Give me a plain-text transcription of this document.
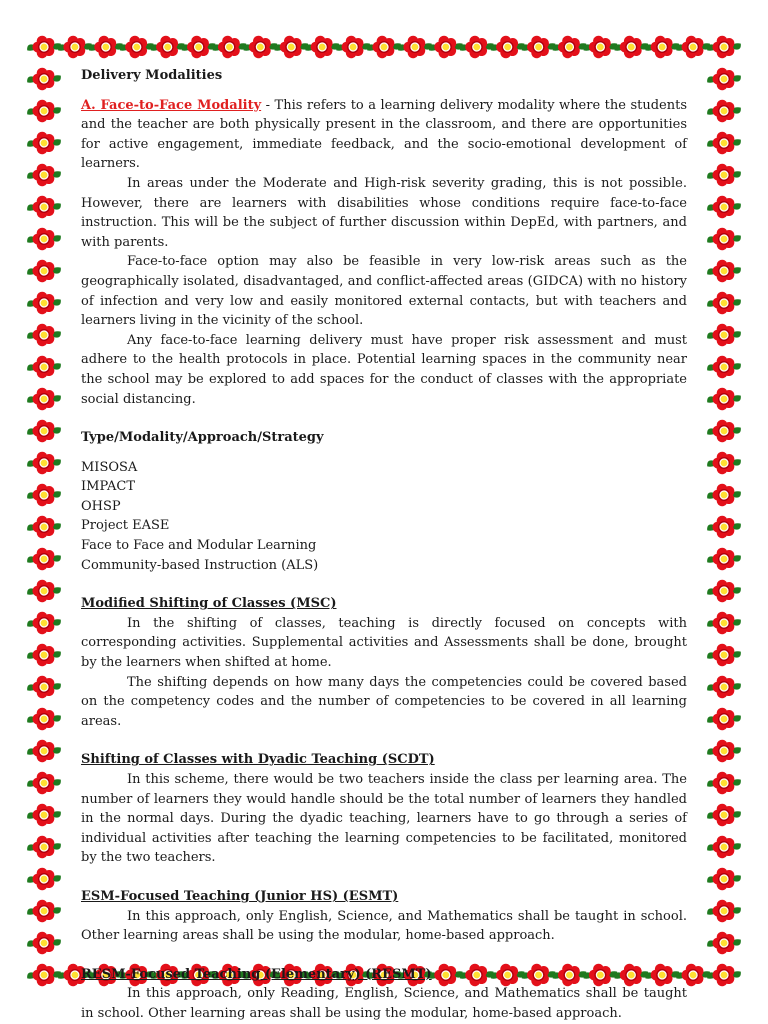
Delivery Modalities

A. Face-to-Face Modality - This refers to a learning delivery modality where the students and the teacher are both physically present in the classroom, and there are opportunities for active engagement, immediate feedback, and the socio-emotional development of learners.

In areas under the Moderate and High-risk severity grading, this is not possible. However, there are learners with disabilities whose conditions require face-to-face instruction. This will be the subject of further discussion within DepEd, with partners, and with parents.

Face-to-face option may also be feasible in very low-risk areas such as the geographically isolated, disadvantaged, and conflict-affected areas (GIDCA) with no history of infection and very low and easily monitored external contacts, but with teachers and learners living in the vicinity of the school.

Any face-to-face learning delivery must have proper risk assessment and must adhere to the health protocols in place. Potential learning spaces in the community near the school may be explored to add spaces for the conduct of classes with the appropriate social distancing.

Type/Modality/Approach/Strategy

MISOSA
IMPACT
OHSP
Project EASE
Face to Face and Modular Learning
Community-based Instruction (ALS)

Modified Shifting of Classes (MSC)

In the shifting of classes, teaching is directly focused on concepts with corresponding activities. Supplemental activities and Assessments shall be done, brought by the learners when shifted at home.

The shifting depends on how many days the competencies could be covered based on the competency codes and the number of competencies to be covered in all learning areas.

Shifting of Classes with Dyadic Teaching (SCDT)

In this scheme, there would be two teachers inside the class per learning area. The number of learners they would handle should be the total number of learners they handled in the normal days. During the dyadic teaching, learners have to go through a series of individual activities after teaching the learning competencies to be facilitated, monitored by the two teachers.

ESM-Focused Teaching (Junior HS) (ESMT)

In this approach, only English, Science, and Mathematics shall be taught in school. Other learning areas shall be using the modular, home-based approach.

RESM-Focused Teaching (Elementary) (RESMT)

In this approach, only Reading, English, Science, and Mathematics shall be taught in school. Other learning areas shall be using the modular, home-based approach.
